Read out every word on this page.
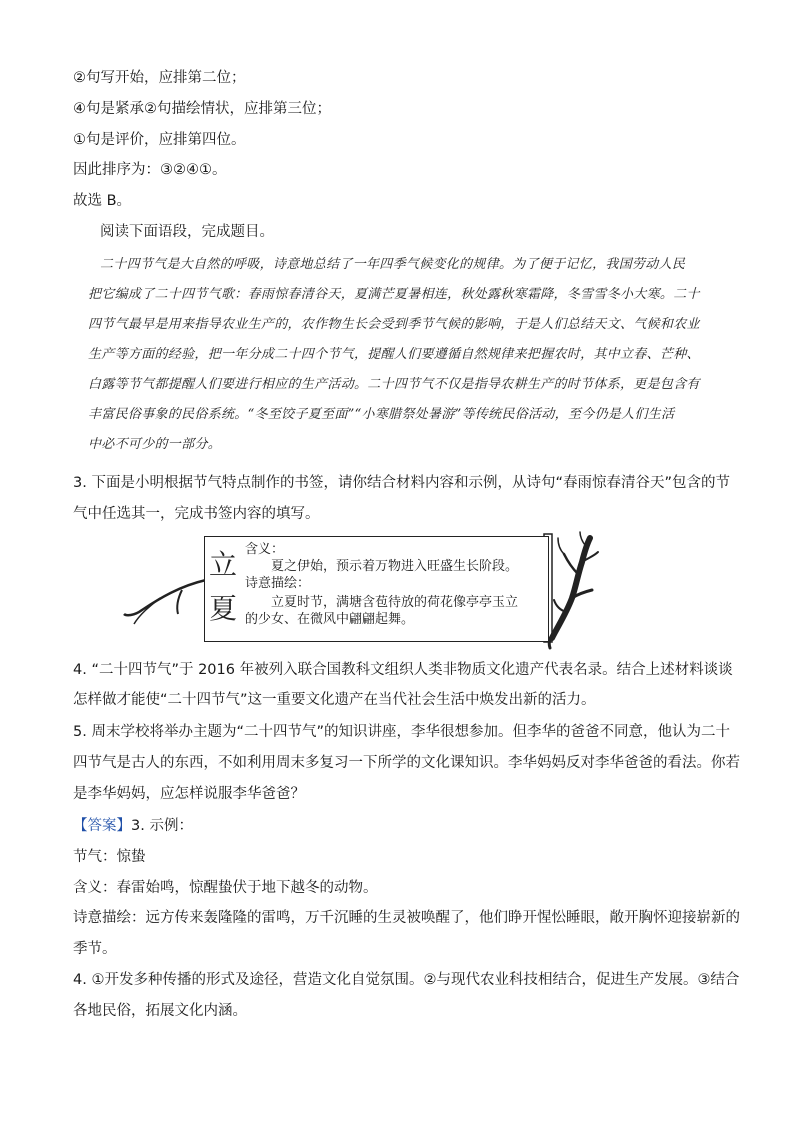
②句写开始，应排第二位；
④句是紧承②句描绘情状，应排第三位；
①句是评价，应排第四位。
因此排序为：③②④①。
故选 B。
阅读下面语段，完成题目。
二十四节气是大自然的呼吸，诗意地总结了一年四季气候变化的规律。为了便于记忆，我国劳动人民
把它编成了二十四节气歌：春雨惊春清谷天，夏满芒夏暑相连，秋处露秋寒霜降，冬雪雪冬小大寒。二十
四节气最早是用来指导农业生产的，农作物生长会受到季节气候的影响，于是人们总结天文、气候和农业
生产等方面的经验，把一年分成二十四个节气，提醒人们要遵循自然规律来把握农时，其中立春、芒种、
白露等节气都提醒人们要进行相应的生产活动。二十四节气不仅是指导农耕生产的时节体系，更是包含有
丰富民俗事象的民俗系统。“冬至饺子夏至面”“小寒腊祭处暑游”等传统民俗活动，至今仍是人们生活
中必不可少的一部分。
3. 下面是小明根据节气特点制作的书签，请你结合材料内容和示例，从诗句“春雨惊春清谷天”包含的节
气中任选其一，完成书签内容的填写。
立
夏
含义：
夏之伊始，预示着万物进入旺盛生长阶段。
诗意描绘：
立夏时节，满塘含苞待放的荷花像亭亭玉立
的少女、在微风中翩翩起舞。
4. “二十四节气”于 2016 年被列入联合国教科文组织人类非物质文化遗产代表名录。结合上述材料谈谈
怎样做才能使“二十四节气”这一重要文化遗产在当代社会生活中焕发出新的活力。
5. 周末学校将举办主题为“二十四节气”的知识讲座，李华很想参加。但李华的爸爸不同意，他认为二十
四节气是古人的东西，不如利用周末多复习一下所学的文化课知识。李华妈妈反对李华爸爸的看法。你若
是李华妈妈，应怎样说服李华爸爸？
【答案】3. 示例：
节气：惊蛰
含义：春雷始鸣，惊醒蛰伏于地下越冬的动物。
诗意描绘：远方传来轰隆隆的雷鸣，万千沉睡的生灵被唤醒了，他们睁开惺忪睡眼，敞开胸怀迎接崭新的
季节。
4. ①开发多种传播的形式及途径，营造文化自觉氛围。②与现代农业科技相结合，促进生产发展。③结合
各地民俗，拓展文化内涵。
